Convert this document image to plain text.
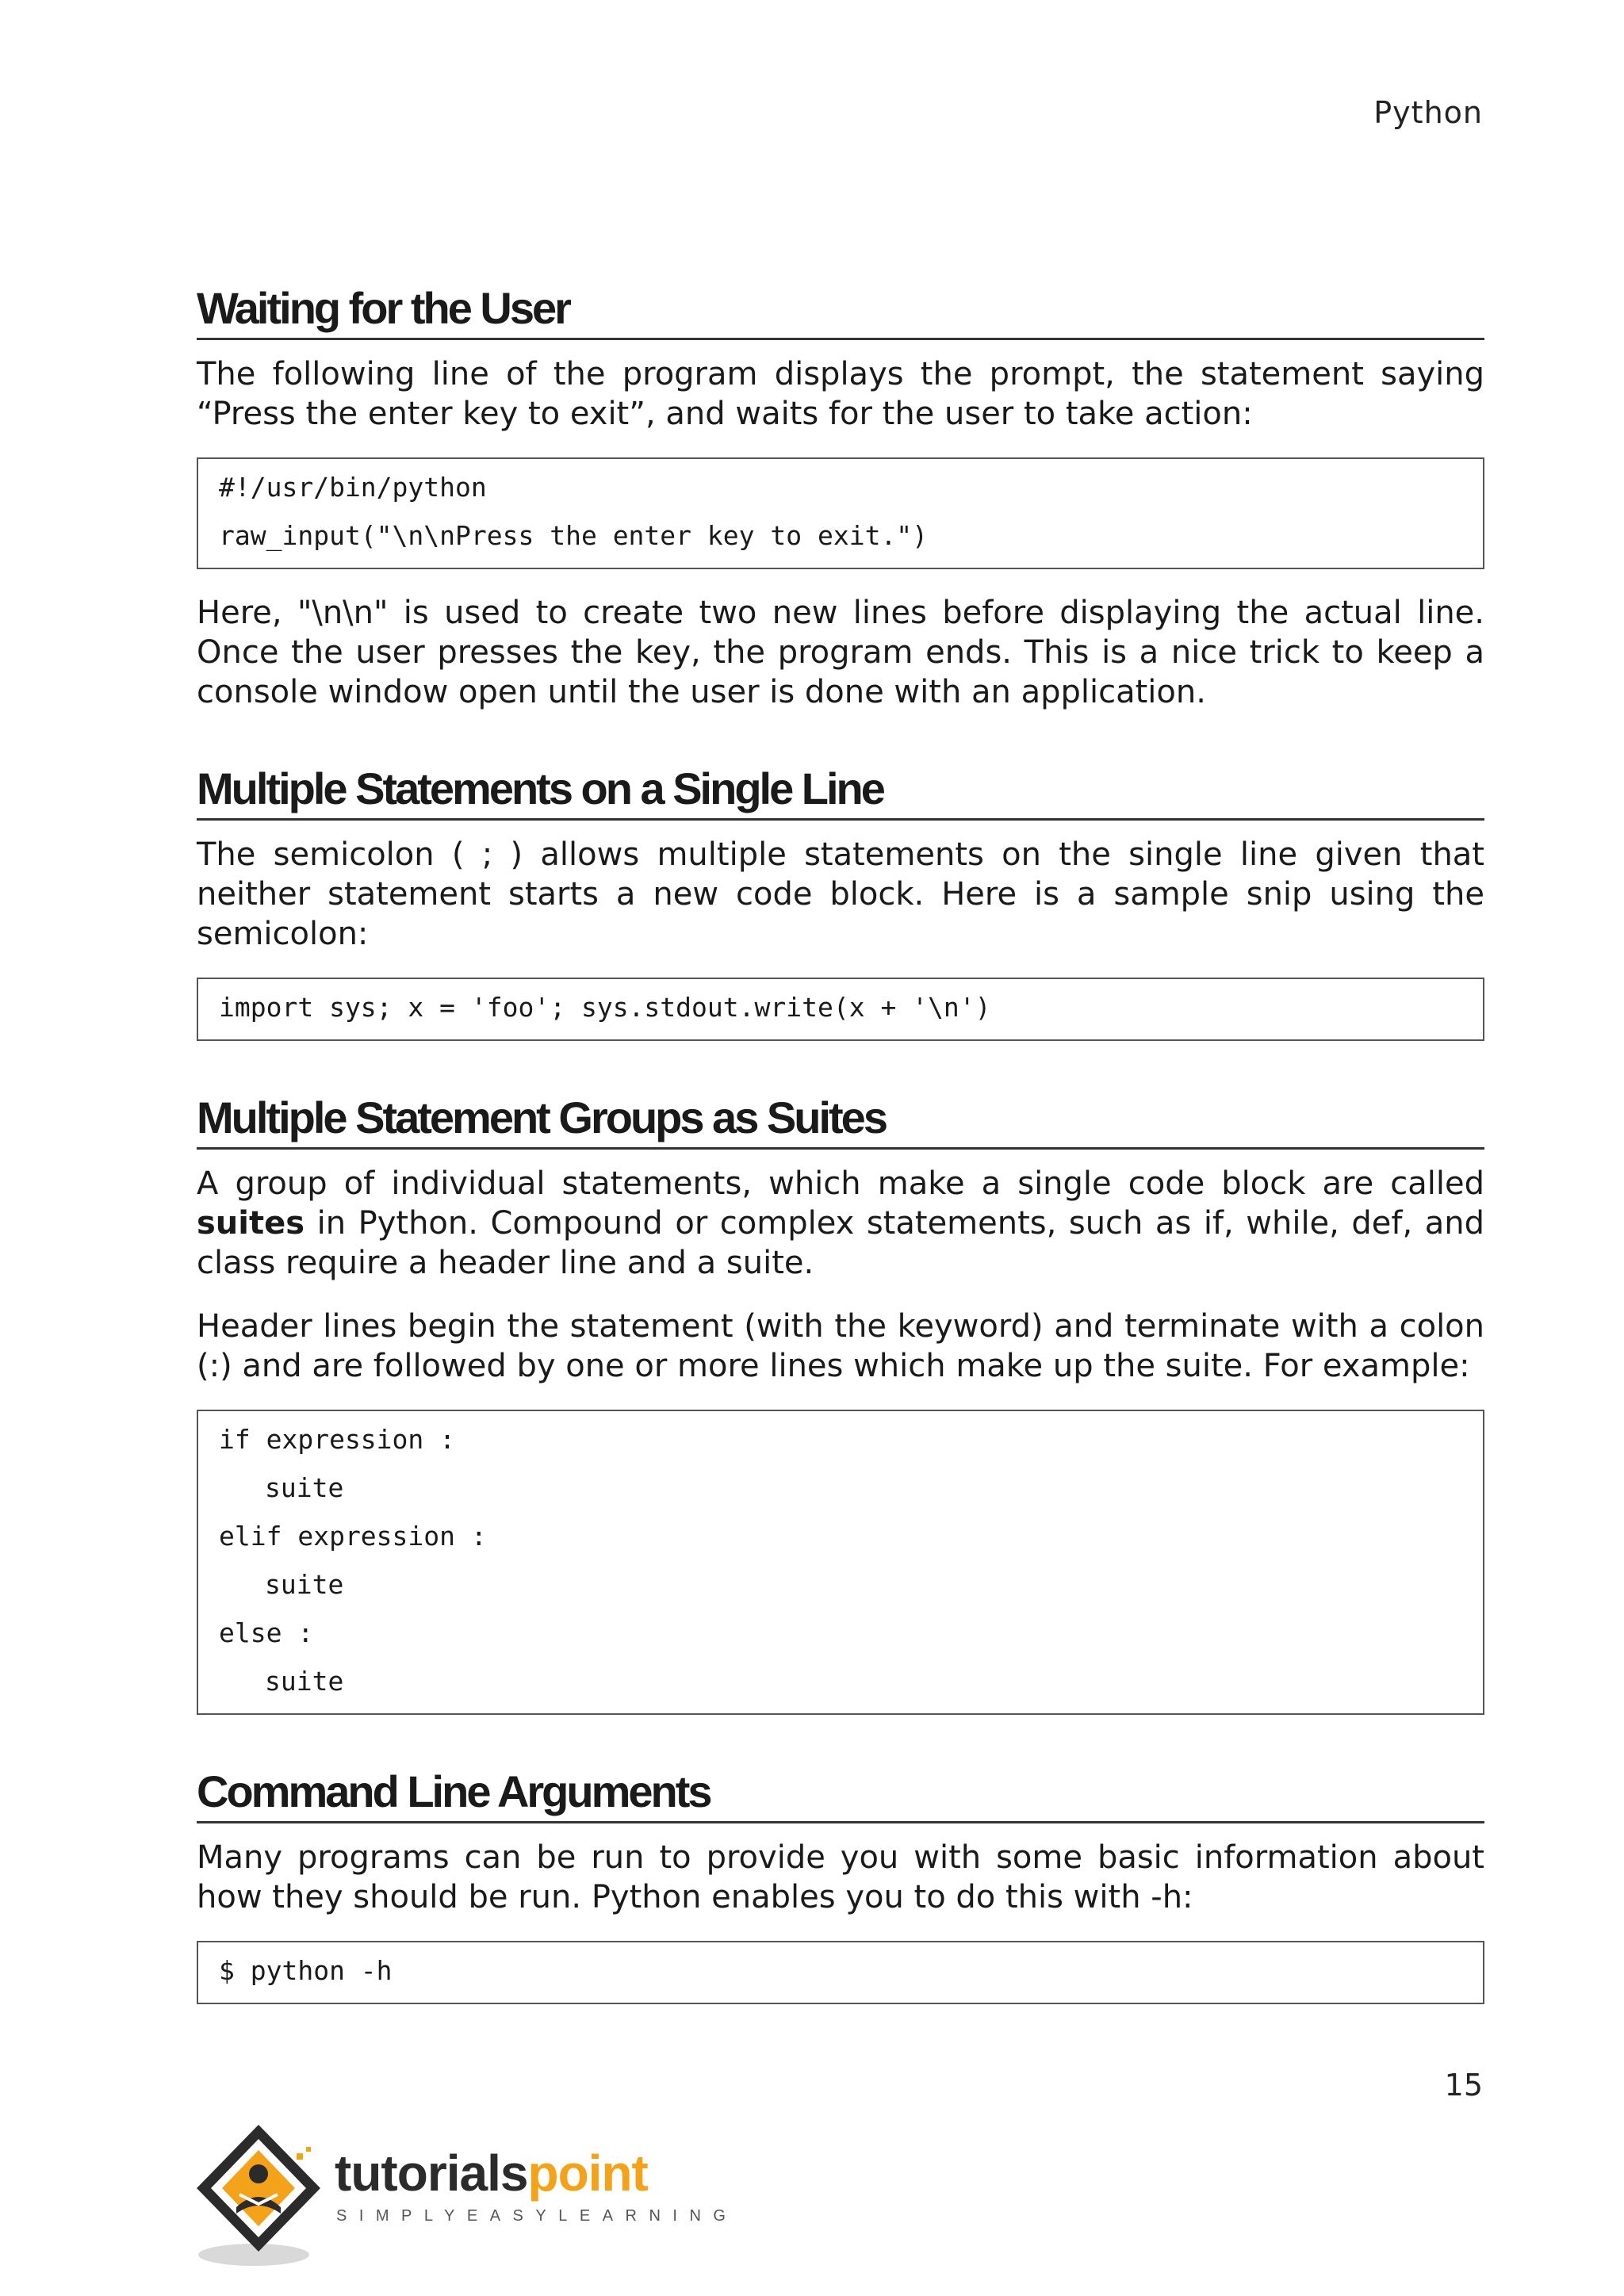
Python
Waiting for the User

The following line of the program displays the prompt, the statement saying “Press the enter key to exit”, and waits for the user to take action:

#!/usr/bin/python
raw_input("\n\nPress the enter key to exit.")

Here, "\n\n" is used to create two new lines before displaying the actual line. Once the user presses the key, the program ends. This is a nice trick to keep a console window open until the user is done with an application.

Multiple Statements on a Single Line

The semicolon ( ; ) allows multiple statements on the single line given that neither statement starts a new code block. Here is a sample snip using the semicolon:

import sys; x = 'foo'; sys.stdout.write(x + '\n')
Multiple Statement Groups as Suites

A group of individual statements, which make a single code block are called suites in Python. Compound or complex statements, such as if, while, def, and class require a header line and a suite.

Header lines begin the statement (with the keyword) and terminate with a colon (:) and are followed by one or more lines which make up the suite. For example:

if expression :
suite
elif expression :
suite
else :
suite
Command Line Arguments

Many programs can be run to provide you with some basic information about how they should be run. Python enables you to do this with -h:

$ python -h
15
tutorialspoint
SIMPLYEASYLEARNING
